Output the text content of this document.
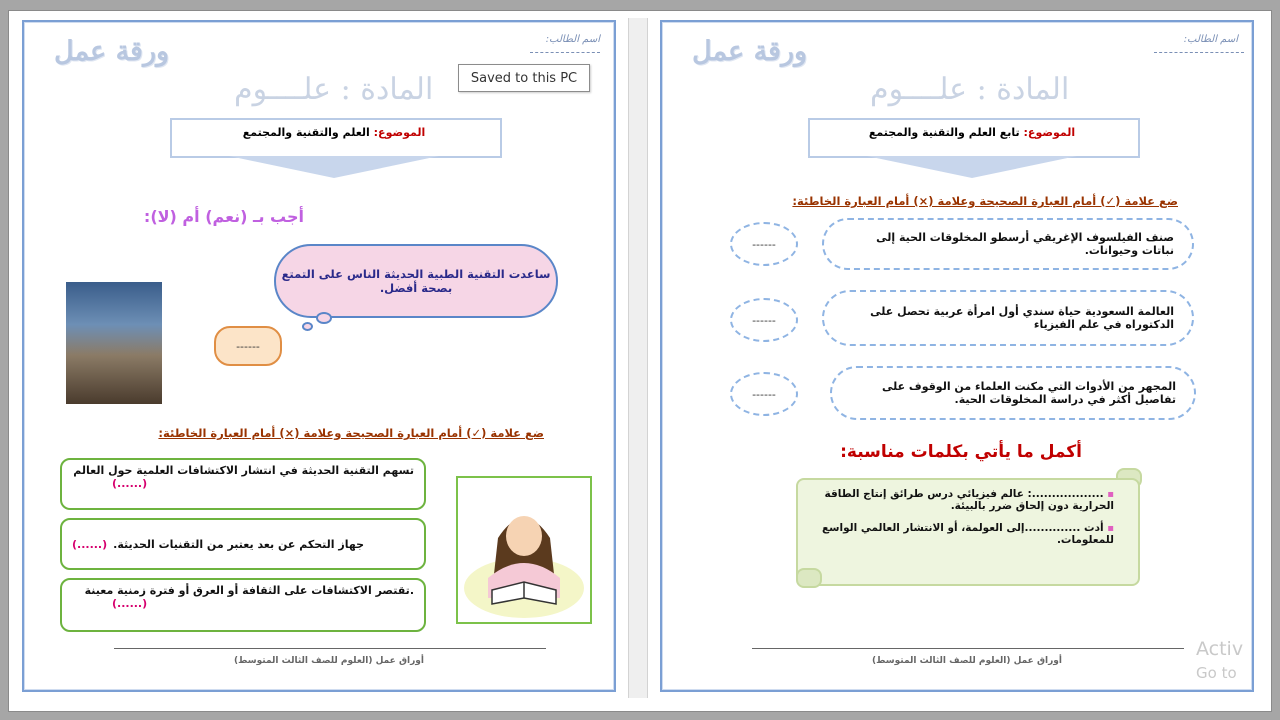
اسم الطالب:
ورقة عمل
المادة : علــــوم
الموضوع: العلم والتقنية والمجتمع
أجب بـ (نعم) أم (لا):
ساعدت التقنية الطبية الحديثة الناس على التمتع بصحة أفضل.
------
ضع علامة (✓) أمام العبارة الصحيحة وعلامة (×) أمام العبارة الخاطئة:
تسهم التقنية الحديثة في انتشار الاكتشافات العلمية حول العالم
(......)
جهاز التحكم عن بعد يعتبر من التقنيات الحديثة.
(......)
تقتصر الاكتشافات على الثقافة أو العرق أو فترة زمنية معينة.
(......)
أوراق عمل (العلوم للصف الثالث المتوسط)
اسم الطالب:
ورقة عمل
المادة : علــــوم
الموضوع: تابع العلم والتقنية والمجتمع
ضع علامة (✓) أمام العبارة الصحيحة وعلامة (×) أمام العبارة الخاطئة:
------	صنف الفيلسوف الإغريقي أرسطو المخلوقات الحية إلى نباتات وحيوانات.
------
العالمة السعودية حياة سندي أول امرأة عربية تحصل على الدكتوراه في علم الفيزياء
------
المجهر من الأدوات التي مكنت العلماء من الوقوف على تفاصيل أكثر في دراسة المخلوقات الحية.
أكمل ما يأتي بكلمات مناسبة:
▪ ..................: عالم فيزيائي درس طرائق إنتاج الطاقة الحرارية دون إلحاق ضرر بالبيئة.
▪ أدت ..............إلى العولمة، أو الانتشار العالمي الواسع للمعلومات.
أوراق عمل (العلوم للصف الثالث المتوسط)
Saved to this PC
Activ
Go to
